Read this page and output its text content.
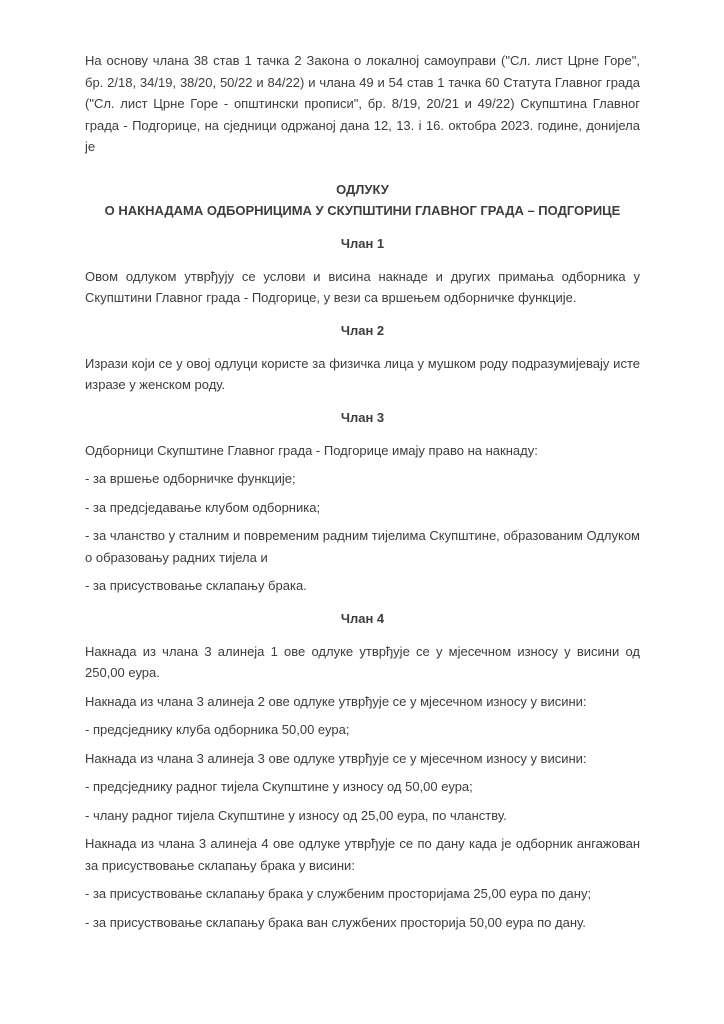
На основу члана 38 став 1 тачка 2 Закона о локалној самоуправи ("Сл. лист Црне Горе", бр. 2/18, 34/19, 38/20, 50/22 и 84/22) и члана 49 и 54 став 1 тачка 60 Статута Главног града ("Сл. лист Црне Горе - општински прописи", бр. 8/19, 20/21 и 49/22) Скупштина Главног града - Подгорице, на сједници одржаној дана 12, 13. i 16. октобра 2023. године, донијела је

ОДЛУКУ
О НАКНАДАМА ОДБОРНИЦИМА У СКУПШТИНИ ГЛАВНОГ ГРАДА – ПОДГОРИЦЕ
Члан 1

Овом одлуком утврђују се услови и висина накнаде и других примања одборника у Скупштини Главног града - Подгорице, у вези са вршењем одборничке функције.

Члан 2

Изрази који се у овој одлуци користе за физичка лица у мушком роду подразумијевају исте изразе у женском роду.

Члан 3

Одборници Скупштине Главног града - Подгорице имају право на накнаду:

- за вршење одборничке функције;

- за предсједавање клубом одборника;

- за чланство у сталним и повременим радним тијелима Скупштине, образованим Одлуком о образовању радних тијела и

- за присуствовање склапању брака.

Члан 4

Накнада из члана 3 алинеја 1 ове одлуке утврђује се у мјесечном износу у висини од 250,00 еура.

Накнада из члана 3 алинеја 2 ове одлуке утврђује се у мјесечном износу у висини:

- предсједнику клуба одборника 50,00 еура;

Накнада из члана 3 алинеја 3 ове одлуке утврђује се у мјесечном износу у висини:

- предсједнику радног тијела Скупштине у износу од 50,00 еура;

- члану радног тијела Скупштине у износу од 25,00 еура, по чланству.

Накнада из члана 3 алинеја 4 ове одлуке утврђује се по дану када је одборник ангажован за присуствовање склапању брака у висини:

- за присуствовање склапању брака у службеним просторијама 25,00 еура по дану;

- за присуствовање склапању брака ван службених просторија 50,00 еура по дану.
